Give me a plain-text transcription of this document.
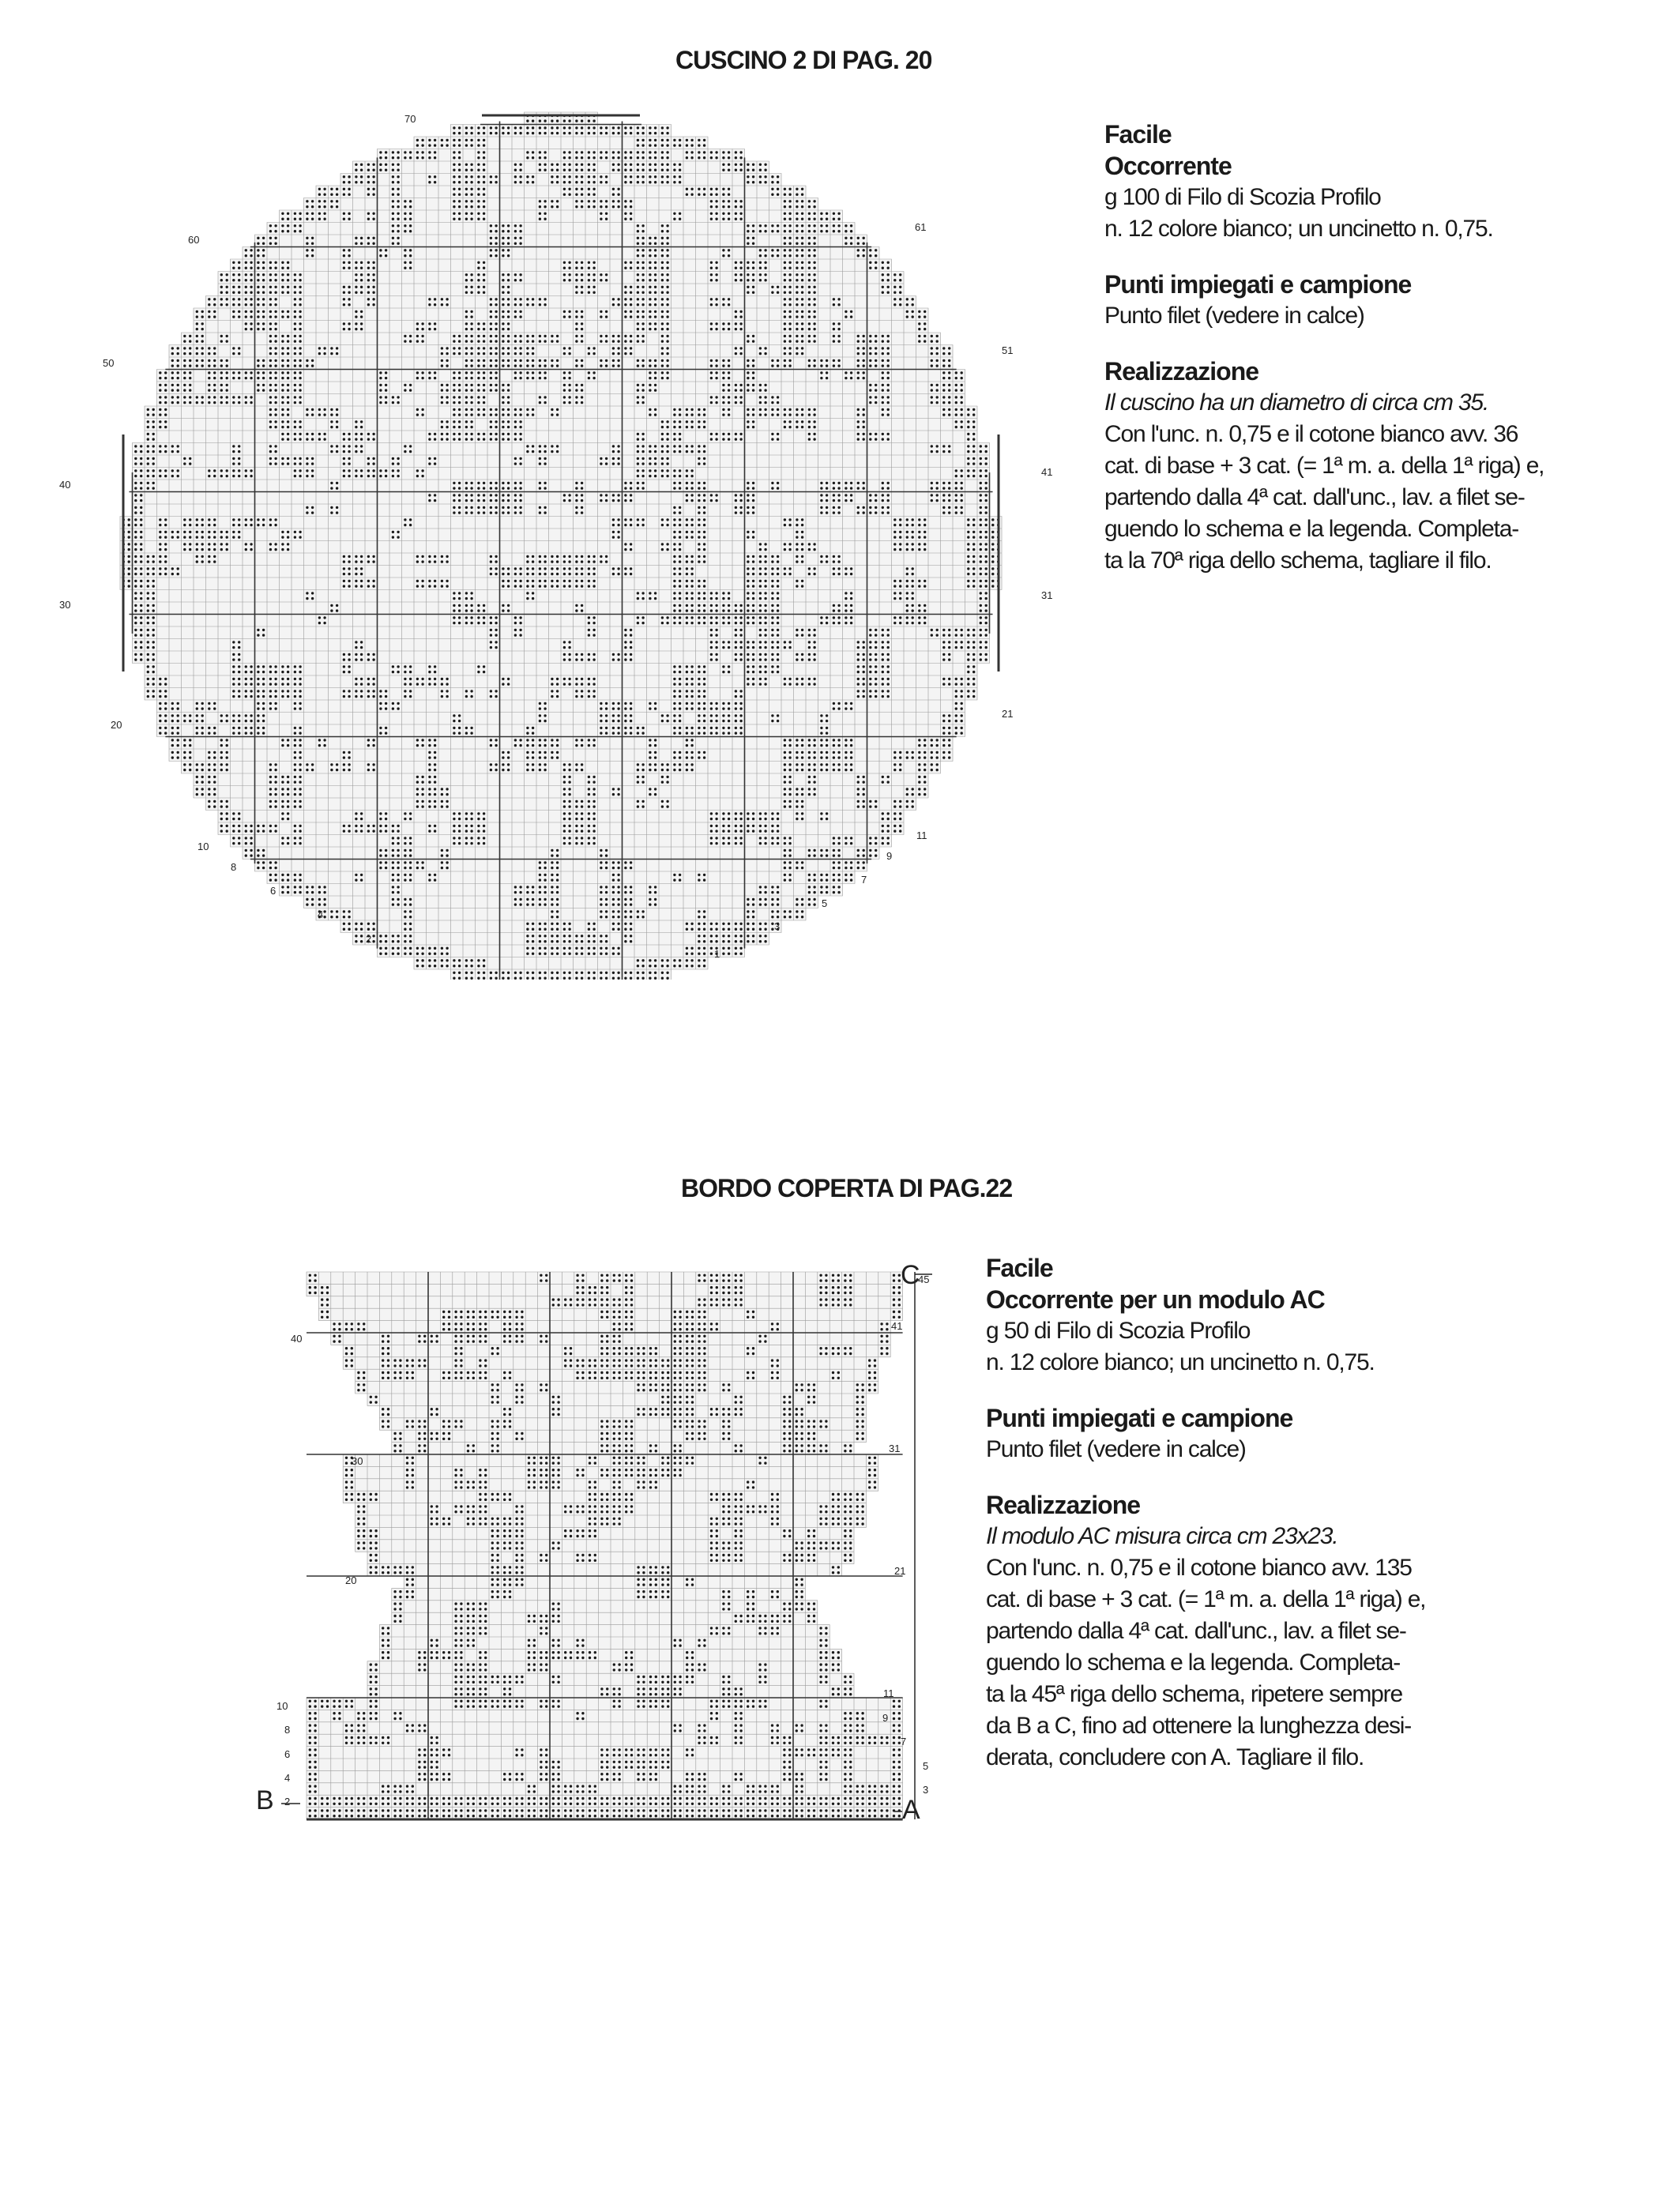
CUSCINO 2 DI PAG. 20
70
61
60
51
50
41
40
31
30
21
20
11
10
9
8
7
6
5
4
3
2
1

Facile

Occorrente

g 100 di Filo di Scozia Profilo

n. 12 colore bianco; un uncinetto n. 0,75.

Punti impiegati e campione

Punto filet (vedere in calce)

Realizzazione

Il cuscino ha un diametro di circa cm 35.

Con l'unc. n. 0,75 e il cotone bianco avv. 36

cat. di base + 3 cat. (= 1ª m. a. della 1ª riga) e,

partendo dalla 4ª cat. dall'unc., lav. a filet se-

guendo lo schema e la legenda. Completa-

ta la 70ª riga dello schema, tagliare il filo.

BORDO COPERTA DI PAG.22
45
41
40
31
30
21
20
11
10
9
8
7
6
5
4
3
2	A
B
C	Facile

Occorrente per un modulo AC

g 50 di Filo di Scozia Profilo

n. 12 colore bianco; un uncinetto n. 0,75.

Punti impiegati e campione

Punto filet (vedere in calce)

Realizzazione

Il modulo AC misura circa cm 23x23.

Con l'unc. n. 0,75 e il cotone bianco avv. 135

cat. di base + 3 cat. (= 1ª m. a. della 1ª riga) e,

partendo dalla 4ª cat. dall'unc., lav. a filet se-

guendo lo schema e la legenda. Completa-

ta la 45ª riga dello schema, ripetere sempre

da B a C, fino ad ottenere la lunghezza desi-

derata, concludere con A. Tagliare il filo.
